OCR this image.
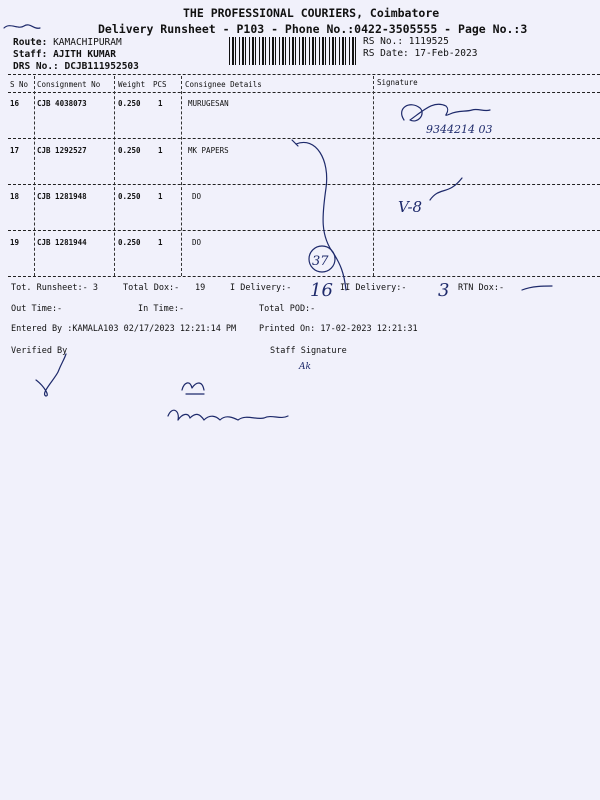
THE PROFESSIONAL COURIERS, Coimbatore
Delivery Runsheet - P103 - Phone No.:0422-3505555 - Page No.:3
Route: KAMACHIPURAM
Staff: AJITH KUMAR
DRS No.: DCJB111952503
RS No.: 1119525
RS Date: 17-Feb-2023
S No Consignment No Weight PCS Consignee Details	Signature
16 CJB 4038073	0.250 1	MURUGESAN
17 CJB 1292527	0.250 1	MK PAPERS
18 CJB 1281948	0.250 1	DO
19 CJB 1281944	0.250 1	DO
Tot. Runsheet:- 3	Total Dox:- 19	I Delivery:-	II Delivery:-	RTN Dox:-
Out Time:-	In Time:-	Total POD:-
Entered By :KAMALA103 02/17/2023 12:21:14 PM	Printed On: 17-02-2023 12:21:31
Verified By	Staff Signature
9344214 03
V-8
37
16	3
Ak
